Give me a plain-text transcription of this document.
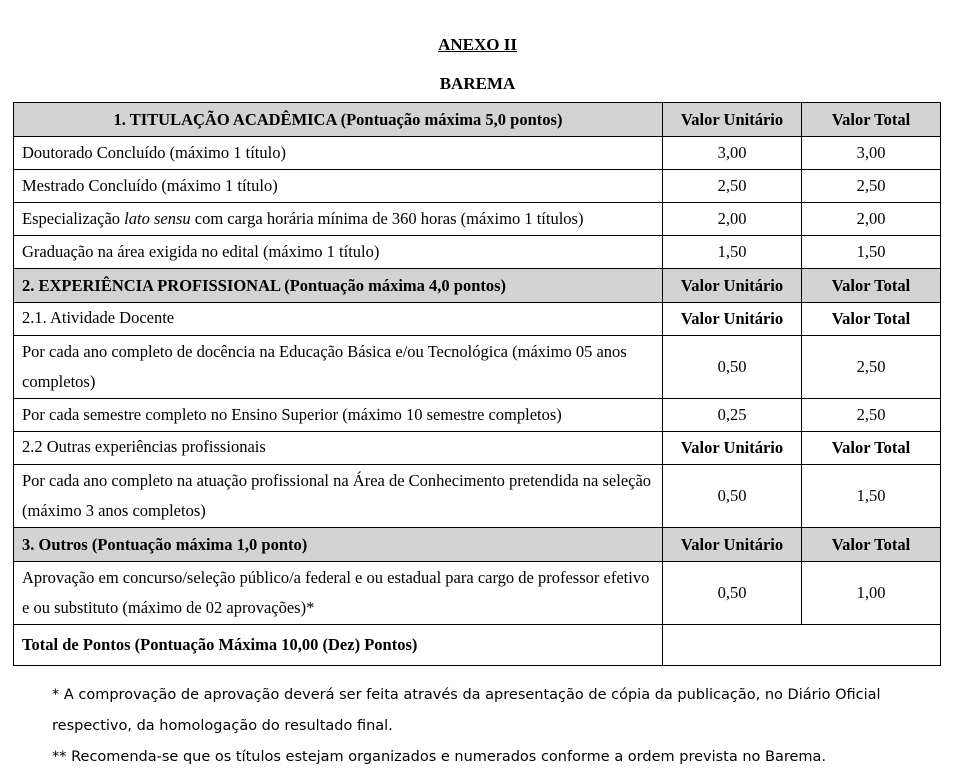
ANEXO II
BAREMA
1. TITULAÇÃO ACADÊMICA (Pontuação máxima 5,0 pontos)	Valor Unitário	Valor Total
Doutorado Concluído (máximo 1 título)	3,00	3,00
Mestrado Concluído (máximo 1 título)	2,50	2,50
Especialização lato sensu com carga horária mínima de 360 horas (máximo 1 títulos)	2,00	2,00
Graduação na área exigida no edital (máximo 1 título)	1,50	1,50
2. EXPERIÊNCIA PROFISSIONAL (Pontuação máxima 4,0 pontos)	Valor Unitário	Valor Total
2.1. Atividade Docente	Valor Unitário	Valor Total
Por cada ano completo de docência na Educação Básica e/ou Tecnológica (máximo 05 anos completos)	0,50	2,50
Por cada semestre completo no Ensino Superior (máximo 10 semestre completos)	0,25	2,50
2.2 Outras experiências profissionais	Valor Unitário	Valor Total
Por cada ano completo na atuação profissional na Área de Conhecimento pretendida na seleção (máximo 3 anos completos)	0,50	1,50
3. Outros (Pontuação máxima 1,0 ponto)	Valor Unitário	Valor Total
Aprovação em concurso/seleção público/a federal e ou estadual para cargo de professor efetivo e ou substituto (máximo de 02 aprovações)*	0,50	1,00
Total de Pontos (Pontuação Máxima 10,00 (Dez) Pontos)		

* A comprovação de aprovação deverá ser feita através da apresentação de cópia da publicação, no Diário Oficial respectivo, da homologação do resultado final.

** Recomenda-se que os títulos estejam organizados e numerados conforme a ordem prevista no Barema.
